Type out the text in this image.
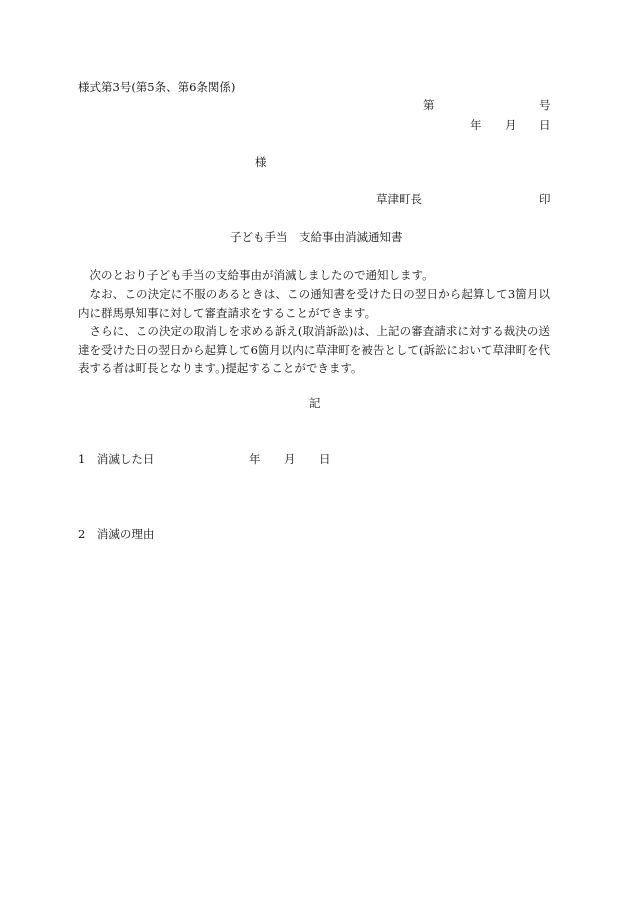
様式第3号(第5条、第6条関係)
第	号
年 月 日
様
草津町長	印
子ども手当　支給事由消滅通知書
次のとおり子ども手当の支給事由が消滅しましたので通知します。
なお、この決定に不服のあるときは、この通知書を受けた日の翌日から起算して3箇月以内に群馬県知事に対して審査請求をすることができます。
さらに、この決定の取消しを求める訴え(取消訴訟)は、上記の審査請求に対する裁決の送達を受けた日の翌日から起算して6箇月以内に草津町を被告として(訴訟において草津町を代表する者は町長となります。)提起することができます。
記
1　消滅した日	年 月 日
2　消滅の理由
